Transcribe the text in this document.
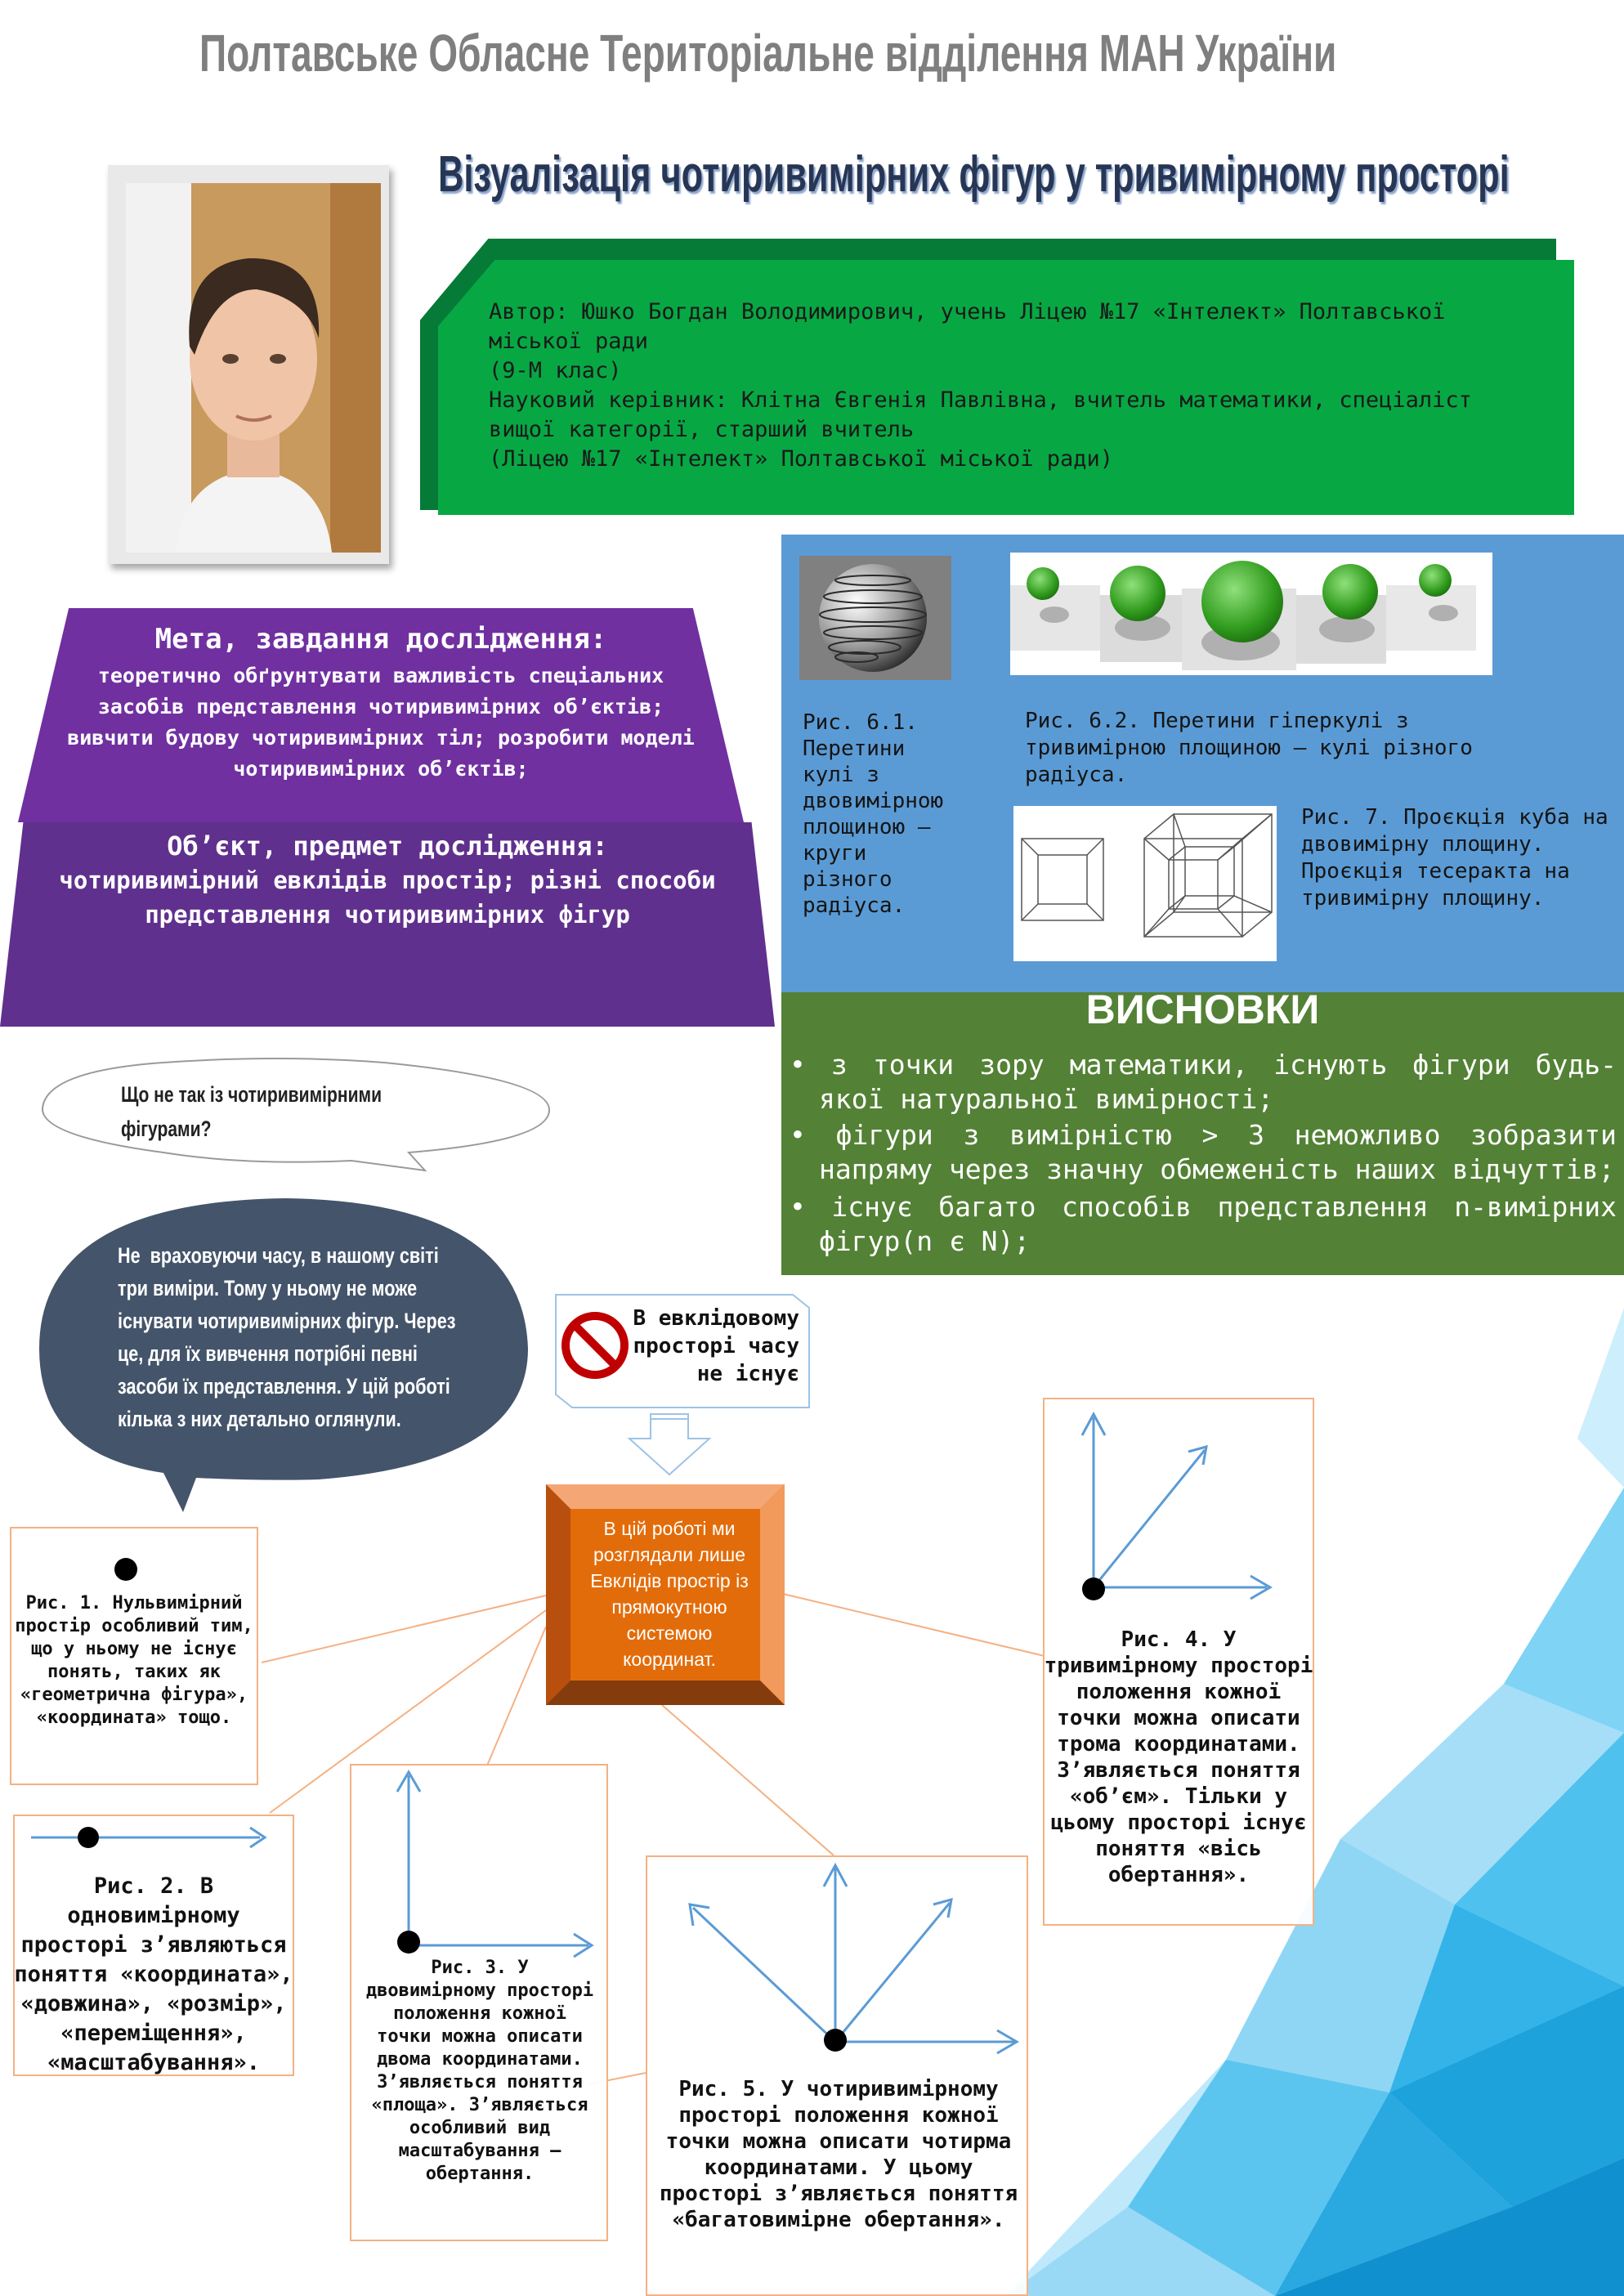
Полтавське Обласне Територіальне відділення МАН України
Візуалізація чотиривимірних фігур у тривимірному просторі
Автор: Юшко Богдан Володимирович, учень Ліцею №17 «Інтелект» Полтавської міської ради
(9-М клас)
Науковий керівник: Клітна Євгенія Павлівна, вчитель математики, спеціаліст вищої категорії, старший вчитель
(Ліцею №17 «Інтелект» Полтавської міської ради)
Мета, завдання дослідження:
теоретично обґрунтувати важливість спеціальних засобів представлення чотиривимірних об’єктів; вивчити будову чотиривимірних тіл; розробити моделі чотиривимірних об’єктів;
Об’єкт, предмет дослідження:
чотиривимірний евклідів простір; різні способи представлення чотиривимірних фігур
Рис. 6.1. Перетини кулі з двовимірною площиною – круги різного радіуса.
Рис. 6.2. Перетини гіперкулі з тривимірною площиною – кулі різного радіуса.
Рис. 7. Проєкція куба на двовимірну площину. Проєкція тесеракта на тривимірну площину.
ВИСНОВКИ
• з точки зору математики, існують фігури будь-якої натуральної вимірності;
• фігури з вимірністю > 3 неможливо зобразити напряму через значну обмеженість наших відчуттів;
• існує багато способів представлення n-вимірних фігур(n є N);
Що не так із чотиривимірними
фігурами?
Не  враховуючи часу, в нашому світі
три виміри. Тому у ньому не може
існувати чотиривимірних фігур. Через
це, для їх вивчення потрібні певні
засоби їх представлення. У цій роботі
кілька з них детально оглянули.
В евклідовому просторі часу не існує
В цій роботі ми розглядали лише Евклідів простір із прямокутною системою координат.
Рис. 1. Нульвимірний простір особливий тим, що у ньому не існує понять, таких як «геометрична фігура», «координата» тощо.
Рис. 2. В одновимірному просторі з’являються поняття «координата», «довжина», «розмір», «переміщення», «масштабування».
Рис. 3. У двовимірному просторі положення кожної точки можна описати двома координатами. З’являється поняття «площа». З’являється особливий вид масштабування – обертання.
Рис. 4. У тривимірному просторі положення кожної точки можна описати трома координатами. З’являється поняття «об’єм». Тільки у цьому просторі існує поняття «вісь обертання».
Рис. 5. У чотиривимірному просторі положення кожної точки можна описати чотирма координатами. У цьому просторі з’являється поняття «багатовимірне обертання».
